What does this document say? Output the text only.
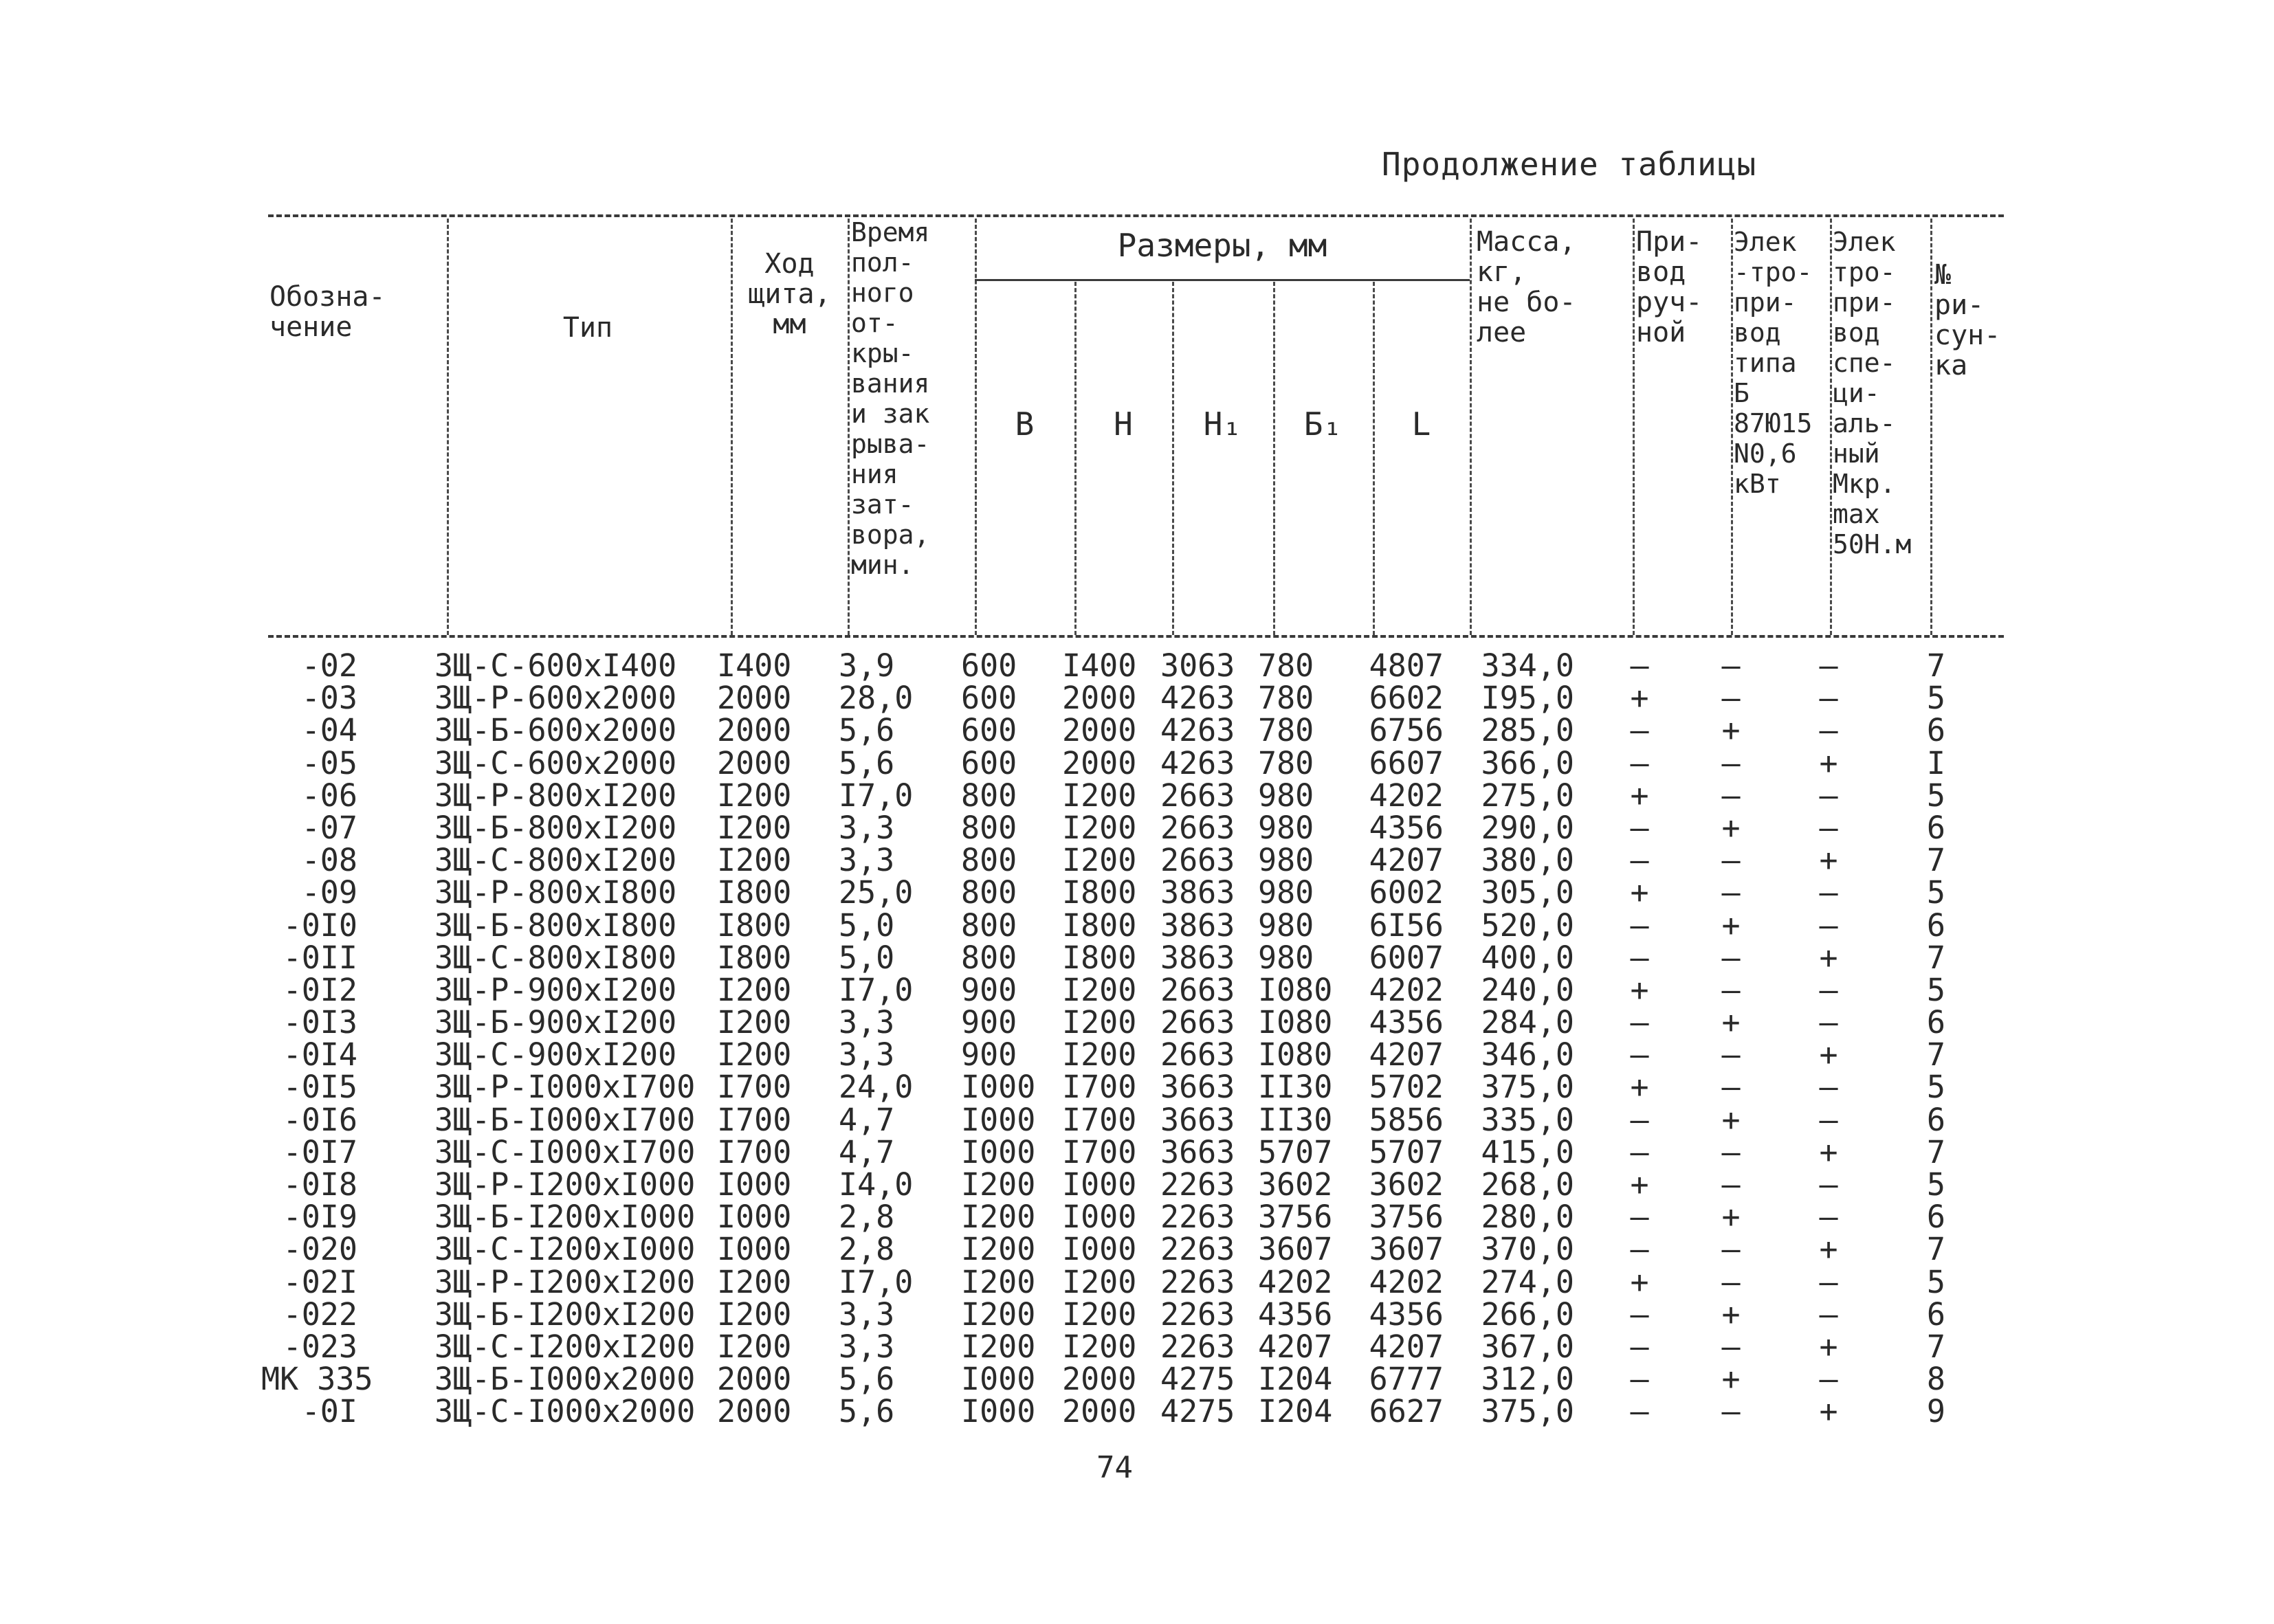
Продолжение таблицы
Обозна-
чение	Тип
Ход
щита,
мм
Время
пол-
ного
от-
кры-
вания
и зак
рыва-
ния
зат-
вора,
мин.
Размеры, мм
В	Н	Н₁	Б₁	L
Масса,
кг,
не бо-
лее
При-
вод
руч-
ной
Элек
-тро-
при-
вод
типа
Б
87Ю15
N0,6
кВт
Элек
тро-
при-
вод
спе-
ци-
аль-
ный
Мкр.
max
50Н.м
№
ри-
сун-
ка
-02 ЗЩ-С-600хI400	I400	3,9	600	I400 3063 780	4807	334,0	–	–	–	7
-03 ЗЩ-Р-600х2000	2000	28,0	600	2000 4263 780	6602	I95,0	+	–	–	5
-04 ЗЩ-Б-600х2000	2000	5,6	600	2000 4263 780	6756	285,0	–	+	–	6
-05 ЗЩ-С-600х2000	2000	5,6	600	2000 4263 780	6607	366,0	–	–	+	I
-06 ЗЩ-Р-800хI200	I200	I7,0	800	I200 2663 980	4202	275,0	+	–	–	5
-07 ЗЩ-Б-800хI200	I200	3,3	800	I200 2663 980	4356	290,0	–	+	–	6
-08 ЗЩ-С-800хI200	I200	3,3	800	I200 2663 980	4207	380,0	–	–	+	7
-09 ЗЩ-Р-800хI800	I800	25,0	800	I800 3863 980	6002	305,0	+	–	–	5
-0I0 ЗЩ-Б-800хI800	I800	5,0	800	I800 3863 980	6I56	520,0	–	+	–	6
-0II ЗЩ-С-800хI800	I800	5,0	800	I800 3863 980	6007	400,0	–	–	+	7
-0I2 ЗЩ-Р-900хI200	I200	I7,0	900	I200 2663 I080	4202	240,0	+	–	–	5
-0I3 ЗЩ-Б-900хI200	I200	3,3	900	I200 2663 I080	4356	284,0	–	+	–	6
-0I4 ЗЩ-С-900хI200	I200	3,3	900	I200 2663 I080	4207	346,0	–	–	+	7
-0I5 ЗЩ-Р-I000хI700 I700	24,0	I000 I700 3663 II30	5702	375,0	+	–	–	5
-0I6 ЗЩ-Б-I000хI700 I700	4,7	I000 I700 3663 II30	5856	335,0	–	+	–	6
-0I7 ЗЩ-С-I000хI700 I700	4,7	I000 I700 3663 5707	5707	415,0	–	–	+	7
-0I8 ЗЩ-Р-I200хI000 I000	I4,0	I200 I000 2263 3602	3602	268,0	+	–	–	5
-0I9 ЗЩ-Б-I200хI000 I000	2,8	I200 I000 2263 3756	3756	280,0	–	+	–	6
-020 ЗЩ-С-I200хI000 I000	2,8	I200 I000 2263 3607	3607	370,0	–	–	+	7
-02I ЗЩ-Р-I200хI200 I200	I7,0	I200 I200 2263 4202	4202	274,0	+	–	–	5
-022 ЗЩ-Б-I200хI200 I200	3,3	I200 I200 2263 4356	4356	266,0	–	+	–	6
-023 ЗЩ-С-I200хI200 I200	3,3	I200 I200 2263 4207	4207	367,0	–	–	+	7
МК 335 ЗЩ-Б-I000х2000 2000	5,6	I000 2000 4275 I204	6777	312,0	–	+	–	8
-0I ЗЩ-С-I000х2000 2000	5,6	I000 2000 4275 I204	6627	375,0	–	–	+	9
74
